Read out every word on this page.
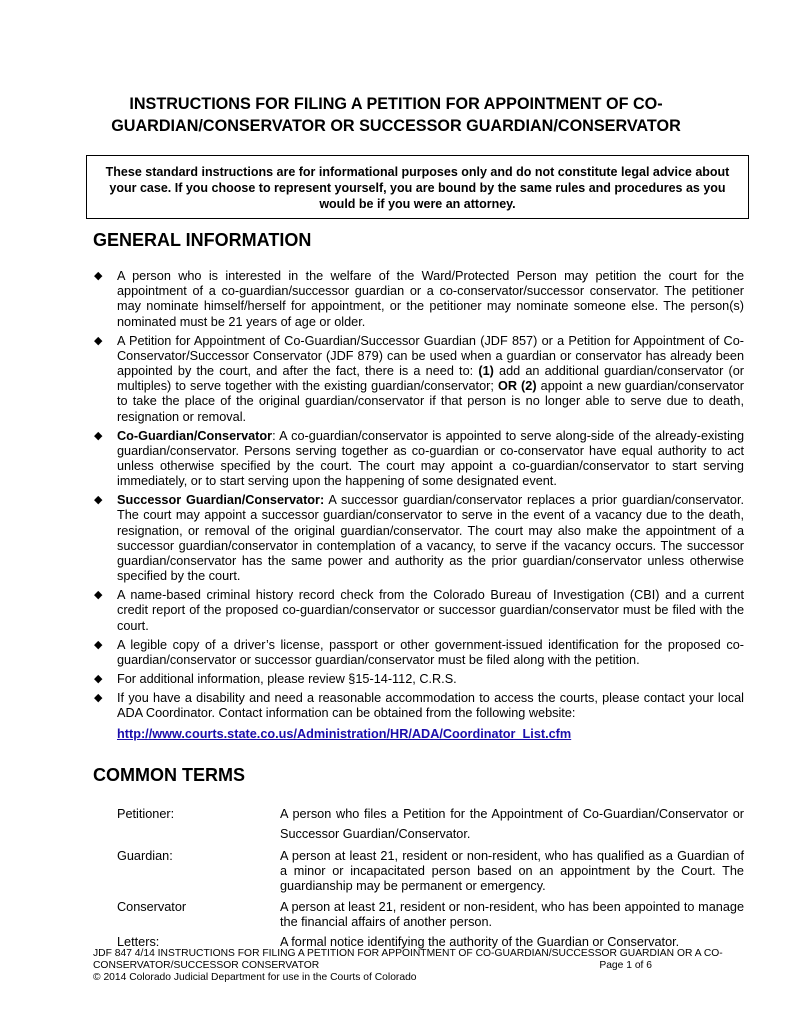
INSTRUCTIONS FOR FILING A PETITION FOR APPOINTMENT OF CO-GUARDIAN/CONSERVATOR OR SUCCESSOR GUARDIAN/CONSERVATOR
These standard instructions are for informational purposes only and do not constitute legal advice about your case. If you choose to represent yourself, you are bound by the same rules and procedures as you would be if you were an attorney.
GENERAL INFORMATION
◆ A person who is interested in the welfare of the Ward/Protected Person may petition the court for the appointment of a co-guardian/successor guardian or a co-conservator/successor conservator. The petitioner may nominate himself/herself for appointment, or the petitioner may nominate someone else. The person(s) nominated must be 21 years of age or older.
◆ A Petition for Appointment of Co-Guardian/Successor Guardian (JDF 857) or a Petition for Appointment of Co-Conservator/Successor Conservator (JDF 879) can be used when a guardian or conservator has already been appointed by the court, and after the fact, there is a need to: (1) add an additional guardian/conservator (or multiples) to serve together with the existing guardian/conservator; OR (2) appoint a new guardian/conservator to take the place of the original guardian/conservator if that person is no longer able to serve due to death, resignation or removal.
◆ Co-Guardian/Conservator: A co-guardian/conservator is appointed to serve along-side of the already-existing guardian/conservator. Persons serving together as co-guardian or co-conservator have equal authority to act unless otherwise specified by the court. The court may appoint a co-guardian/conservator to start serving immediately, or to start serving upon the happening of some designated event.
◆ Successor Guardian/Conservator: A successor guardian/conservator replaces a prior guardian/conservator. The court may appoint a successor guardian/conservator to serve in the event of a vacancy due to the death, resignation, or removal of the original guardian/conservator. The court may also make the appointment of a successor guardian/conservator in contemplation of a vacancy, to serve if the vacancy occurs. The successor guardian/conservator has the same power and authority as the prior guardian/conservator unless otherwise specified by the court.
◆ A name-based criminal history record check from the Colorado Bureau of Investigation (CBI) and a current credit report of the proposed co-guardian/conservator or successor guardian/conservator must be filed with the court.
◆ A legible copy of a driver’s license, passport or other government-issued identification for the proposed co-guardian/conservator or successor guardian/conservator must be filed along with the petition.
◆ For additional information, please review §15-14-112, C.R.S.
◆ If you have a disability and need a reasonable accommodation to access the courts, please contact your local ADA Coordinator. Contact information can be obtained from the following website:
http://www.courts.state.co.us/Administration/HR/ADA/Coordinator_List.cfm
COMMON TERMS
Petitioner:	A person who files a Petition for the Appointment of Co-Guardian/Conservator or Successor Guardian/Conservator.
Guardian:	A person at least 21, resident or non-resident, who has qualified as a Guardian of a minor or incapacitated person based on an appointment by the Court. The guardianship may be permanent or emergency.
Conservator	A person at least 21, resident or non-resident, who has been appointed to manage the financial affairs of another person.
Letters:	A formal notice identifying the authority of the Guardian or Conservator.
JDF 847 4/14 INSTRUCTIONS FOR FILING A PETITION FOR APPOINTMENT OF CO-GUARDIAN/SUCCESSOR GUARDIAN OR A CO-
CONSERVATOR/SUCCESSOR CONSERVATOR	Page 1 of 6
© 2014 Colorado Judicial Department for use in the Courts of Colorado
